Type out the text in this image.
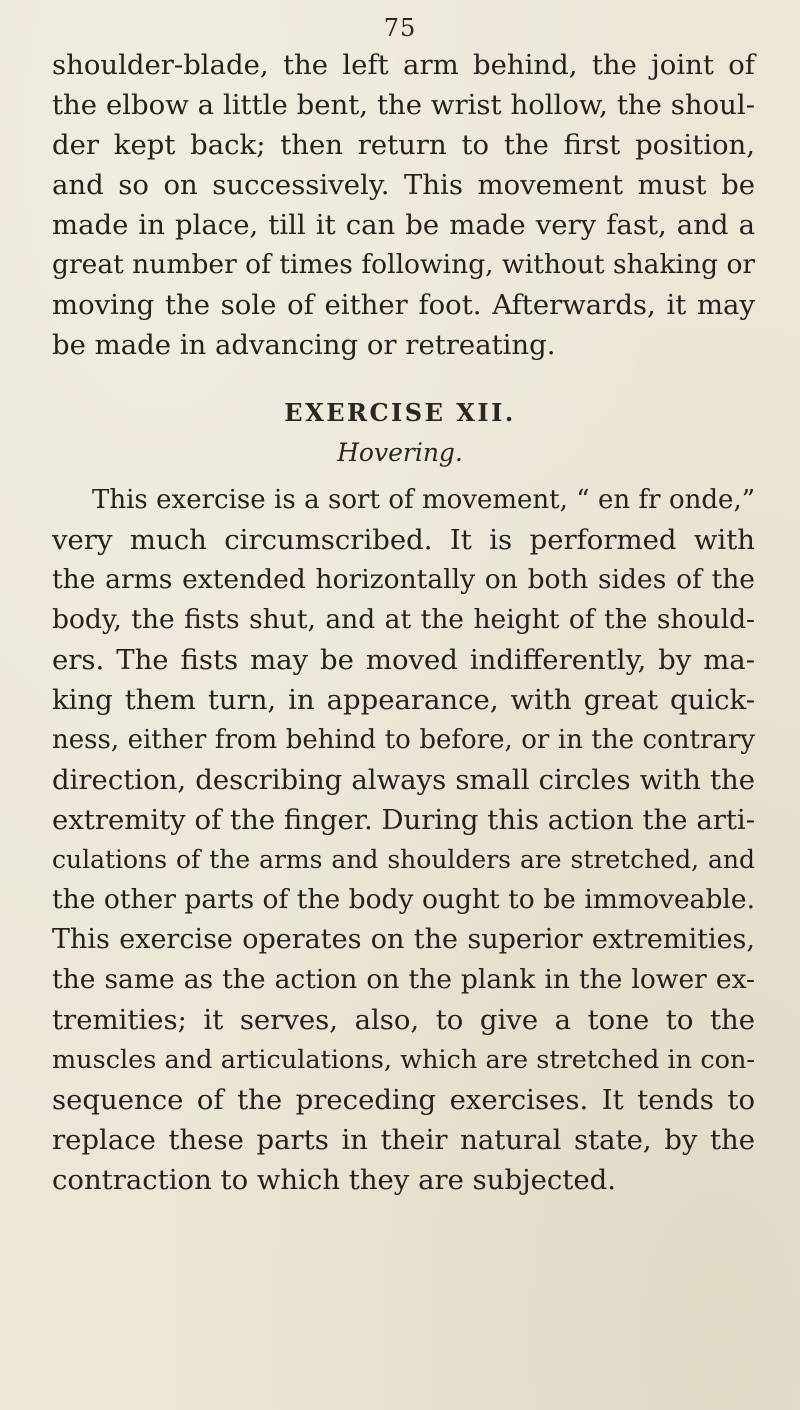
75
shoulder-blade, the left arm behind, the joint of
the elbow a little bent, the wrist hollow, the shoul-
der kept back; then return to the first position,
and so on successively. This movement must be
made in place, till it can be made very fast, and a
great number of times following, without shaking or
moving the sole of either foot. Afterwards, it may
be made in advancing or retreating.
EXERCISE XII.
Hovering.
This exercise is a sort of movement, “ en fr onde,”
very much circumscribed. It is performed with
the arms extended horizontally on both sides of the
body, the fists shut, and at the height of the should-
ers. The fists may be moved indifferently, by ma-
king them turn, in appearance, with great quick-
ness, either from behind to before, or in the contrary
direction, describing always small circles with the
extremity of the finger. During this action the arti-
culations of the arms and shoulders are stretched, and
the other parts of the body ought to be immoveable.
This exercise operates on the superior extremities,
the same as the action on the plank in the lower ex-
tremities; it serves, also, to give a tone to the
muscles and articulations, which are stretched in con-
sequence of the preceding exercises. It tends to
replace these parts in their natural state, by the
contraction to which they are subjected.
